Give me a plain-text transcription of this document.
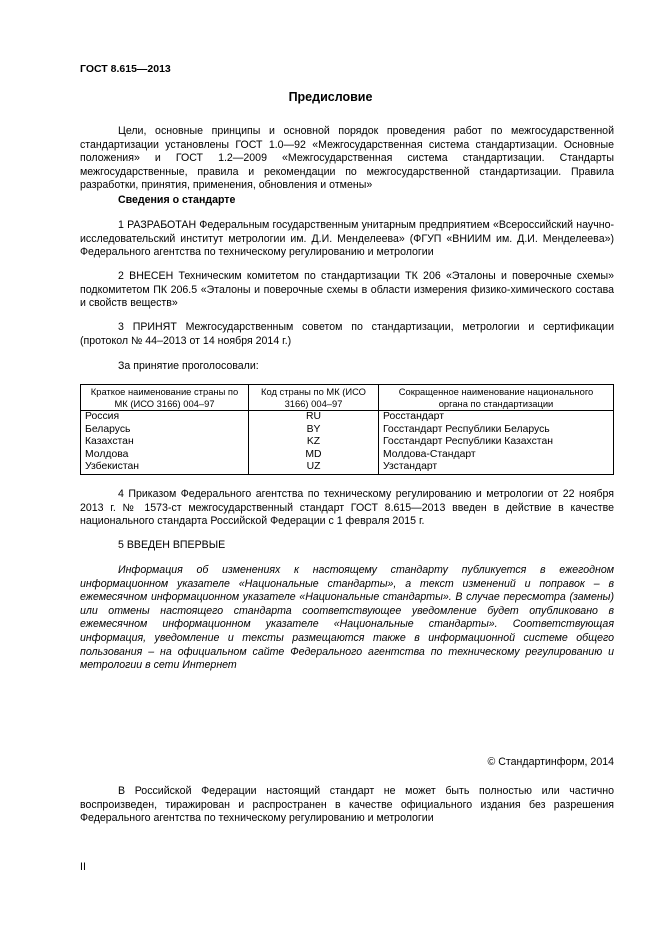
ГОСТ 8.615—2013
Предисловие

Цели, основные принципы и основной порядок проведения работ по межгосударственной стандартизации установлены ГОСТ 1.0—92 «Межгосударственная система стандартизации. Основные положения» и ГОСТ 1.2—2009 «Межгосударственная система стандартизации. Стандарты межгосударственные, правила и рекомендации по межгосударственной стандартизации. Правила разработки, принятия, применения, обновления и отмены»

Сведения о стандарте

1 РАЗРАБОТАН Федеральным государственным унитарным предприятием «Всероссийский научно-исследовательский институт метрологии им. Д.И. Менделеева» (ФГУП «ВНИИМ им. Д.И. Менделеева») Федерального агентства по техническому регулированию и метрологии

2 ВНЕСЕН Техническим комитетом по стандартизации ТК 206 «Эталоны и поверочные схемы» подкомитетом ПК 206.5 «Эталоны и поверочные схемы в области измерения физико-химического состава и свойств веществ»

3 ПРИНЯТ Межгосударственным советом по стандартизации, метрологии и сертификации (протокол № 44–2013 от 14 ноября 2014 г.)

За принятие проголосовали:
Краткое наименование страны по МК (ИСО 3166) 004–97	Код страны по МК (ИСО 3166) 004–97	Сокращенное наименование национального органа по стандартизации
Россия	RU	Росстандарт
Беларусь	BY	Госстандарт Республики Беларусь
Казахстан	KZ	Госстандарт Республики Казахстан
Молдова	MD	Молдова-Стандарт
Узбекистан	UZ	Узстандарт

4 Приказом Федерального агентства по техническому регулированию и метрологии от 22 ноября 2013 г. № 1573-ст межгосударственный стандарт ГОСТ 8.615—2013 введен в действие в качестве национального стандарта Российской Федерации с 1 февраля 2015 г.

5 ВВЕДЕН ВПЕРВЫЕ

Информация об изменениях к настоящему стандарту публикуется в ежегодном информационном указателе «Национальные стандарты», а текст изменений и поправок – в ежемесячном информационном указателе «Национальные стандарты». В случае пересмотра (замены) или отмены настоящего стандарта соответствующее уведомление будет опубликовано в ежемесячном информационном указателе «Национальные стандарты». Соответствующая информация, уведомление и тексты размещаются также в информационной системе общего пользования – на официальном сайте Федерального агентства по техническому регулированию и метрологии в сети Интернет

© Стандартинформ, 2014

В Российской Федерации настоящий стандарт не может быть полностью или частично воспроизведен, тиражирован и распространен в качестве официального издания без разрешения Федерального агентства по техническому регулированию и метрологии

II
